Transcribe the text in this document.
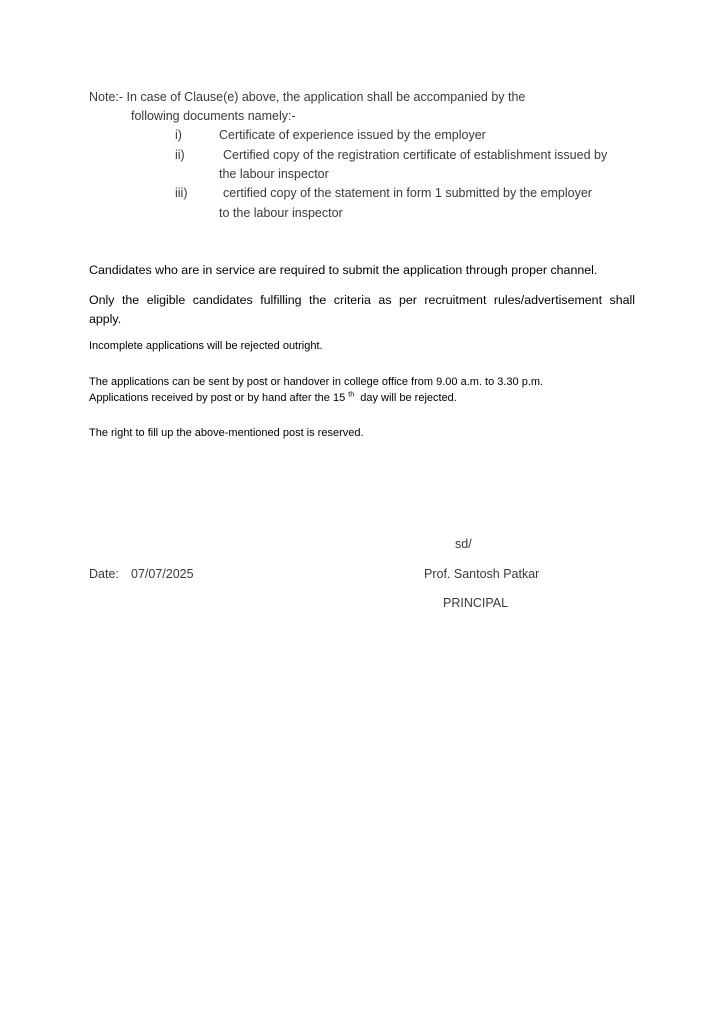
Note:- In case of Clause(e) above, the application shall be accompanied by the
following documents namely:-
i)	Certificate of experience issued by the employer
ii)	Certified copy of the registration certificate of establishment issued by
the labour inspector
iii)	certified copy of the statement in form 1 submitted by the employer
to the labour inspector
Candidates who are in service are required to submit the application through proper channel.
Only the eligible candidates fulfilling the criteria as per recruitment rules/advertisement shall
apply.
Incomplete applications will be rejected outright.
The applications can be sent by post or handover in college office from 9.00 a.m. to 3.30 p.m.
Applications received by post or by hand after the 15 $^{th}$ day will be rejected.
The right to fill up the above-mentioned post is reserved.
sd/
Date: 07/07/2025	Prof. Santosh Patkar
PRINCIPAL
